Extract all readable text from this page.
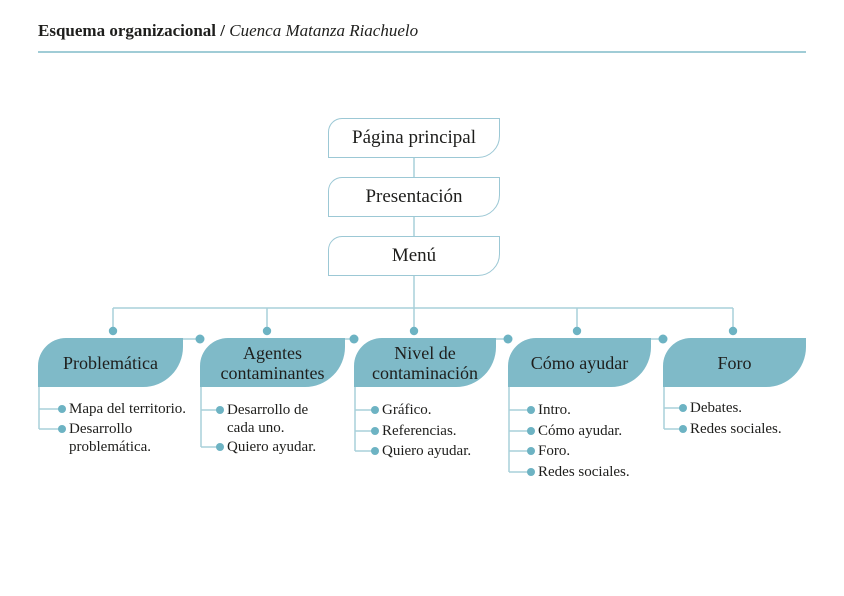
Esquema organizacional / Cuenca Matanza Riachuelo
Página principal
Presentación
Menú
Problemática	Agentes contaminantes
Nivel de contaminación	Cómo ayudar	Foro
Mapa del territorio.
Desarrollo problemática.
Desarrollo de cada uno.
Quiero ayudar.
Gráfico.
Referencias.
Quiero ayudar.
Intro.
Cómo ayudar.
Foro.
Redes sociales.
Debates.
Redes sociales.
